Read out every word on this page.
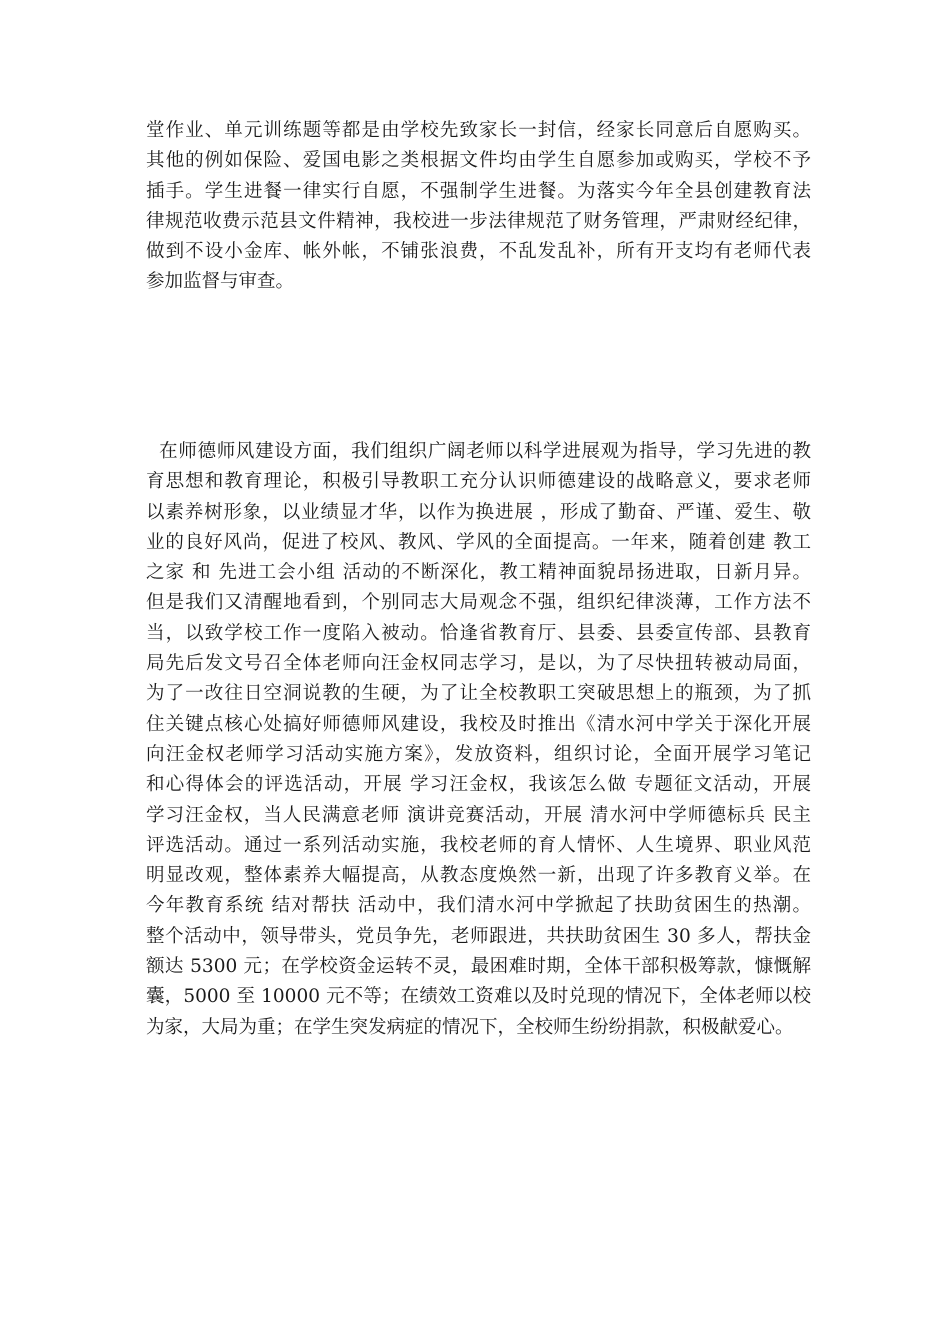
堂作业、单元训练题等都是由学校先致家长一封信，经家长同意后自愿购买。
其他的例如保险、爱国电影之类根据文件均由学生自愿参加或购买，学校不予
插手。学生进餐一律实行自愿，不强制学生进餐。为落实今年全县创建教育法
律规范收费示范县文件精神，我校进一步法律规范了财务管理，严肃财经纪律，
做到不设小金库、帐外帐，不铺张浪费，不乱发乱补，所有开支均有老师代表
参加监督与审查。
在师德师风建设方面，我们组织广阔老师以科学进展观为指导，学习先进的教
育思想和教育理论，积极引导教职工充分认识师德建设的战略意义，要求老师
以素养树形象，以业绩显才华，以作为换进展 ，形成了勤奋、严谨、爱生、敬
业的良好风尚，促进了校风、教风、学风的全面提高。一年来，随着创建 教工
之家 和 先进工会小组 活动的不断深化，教工精神面貌昂扬进取，日新月异。
但是我们又清醒地看到，个别同志大局观念不强，组织纪律淡薄，工作方法不
当，以致学校工作一度陷入被动。恰逢省教育厅、县委、县委宣传部、县教育
局先后发文号召全体老师向汪金权同志学习，是以，为了尽快扭转被动局面，
为了一改往日空洞说教的生硬，为了让全校教职工突破思想上的瓶颈，为了抓
住关键点核心处搞好师德师风建设，我校及时推出《清水河中学关于深化开展
向汪金权老师学习活动实施方案》，发放资料，组织讨论，全面开展学习笔记
和心得体会的评选活动，开展 学习汪金权，我该怎么做 专题征文活动，开展
学习汪金权，当人民满意老师 演讲竞赛活动，开展 清水河中学师德标兵 民主
评选活动。通过一系列活动实施，我校老师的育人情怀、人生境界、职业风范
明显改观，整体素养大幅提高，从教态度焕然一新，出现了许多教育义举。在
今年教育系统 结对帮扶 活动中，我们清水河中学掀起了扶助贫困生的热潮。
整个活动中，领导带头，党员争先，老师跟进，共扶助贫困生 30 多人，帮扶金
额达 5300 元；在学校资金运转不灵，最困难时期，全体干部积极筹款，慷慨解
囊，5000 至 10000 元不等；在绩效工资难以及时兑现的情况下，全体老师以校
为家，大局为重；在学生突发病症的情况下，全校师生纷纷捐款，积极献爱心。
